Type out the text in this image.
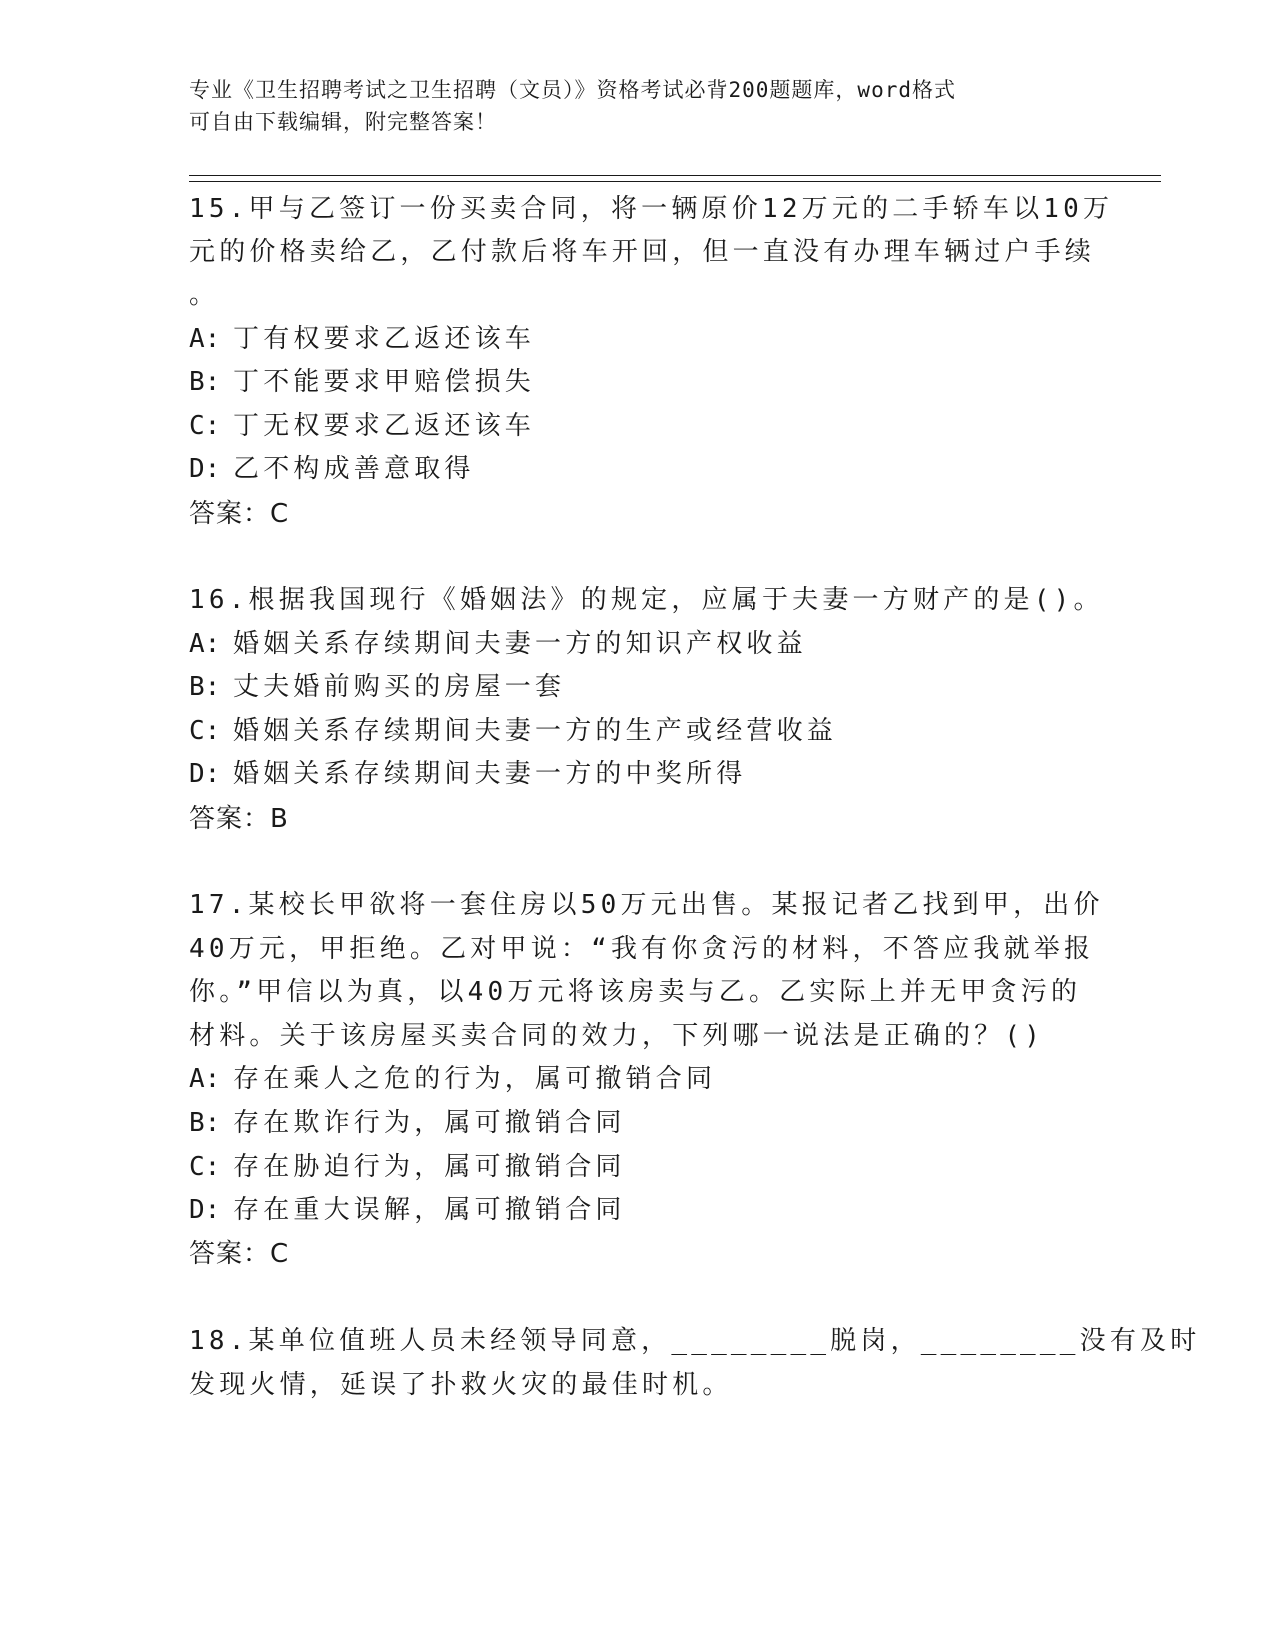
专业《卫生招聘考试之卫生招聘（文员）》资格考试必背200题题库，word格式
可自由下载编辑，附完整答案！
15.甲与乙签订一份买卖合同，将一辆原价12万元的二手轿车以10万
元的价格卖给乙，乙付款后将车开回，但一直没有办理车辆过户手续
。
A: 丁有权要求乙返还该车
B: 丁不能要求甲赔偿损失
C: 丁无权要求乙返还该车
D: 乙不构成善意取得
答案：C
16.根据我国现行《婚姻法》的规定，应属于夫妻一方财产的是()。
A: 婚姻关系存续期间夫妻一方的知识产权收益
B: 丈夫婚前购买的房屋一套
C: 婚姻关系存续期间夫妻一方的生产或经营收益
D: 婚姻关系存续期间夫妻一方的中奖所得
答案：B
17.某校长甲欲将一套住房以50万元出售。某报记者乙找到甲，出价
40万元，甲拒绝。乙对甲说：“我有你贪污的材料，不答应我就举报
你。”甲信以为真，以40万元将该房卖与乙。乙实际上并无甲贪污的
材料。关于该房屋买卖合同的效力，下列哪一说法是正确的？()
A: 存在乘人之危的行为，属可撤销合同
B: 存在欺诈行为，属可撤销合同
C: 存在胁迫行为，属可撤销合同
D: 存在重大误解，属可撤销合同
答案：C
18.某单位值班人员未经领导同意，________脱岗，________没有及时
发现火情，延误了扑救火灾的最佳时机。
